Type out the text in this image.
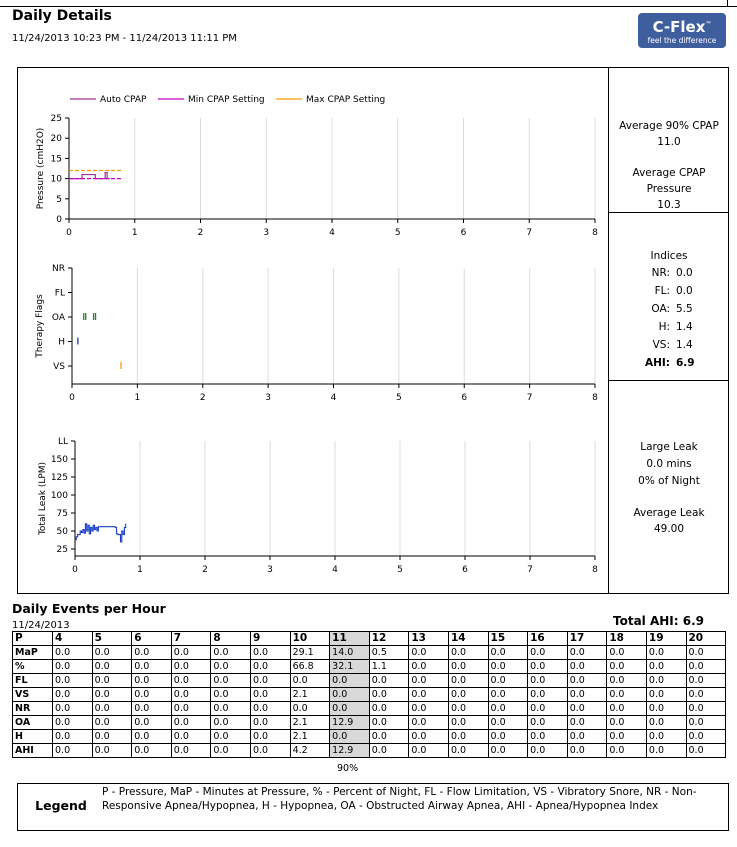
Daily Details
11/24/2013 10:23 PM - 11/24/2013 11:11 PM
C-Flex™
feel the difference
0	1	2	3	4	5	6	7	8
Pressure (cmH2O)
0
5
10
15
20
25
Auto CPAP	Min CPAP Setting	Max CPAP Setting
0	1	2	3	4	5	6	7	8
Therapy Flags
NR
FL
OA
H
VS
0	1	2	3	4	5	6	7	8
Total Leak (LPM)
25
50
75
100
125
150
LL
Average 90% CPAP
11.0
Average CPAP Pressure
10.3
Indices
NR: 0.0
FL: 0.0
OA: 5.5
H: 1.4
VS: 1.4
AHI: 6.9
Large Leak
0.0 mins
0% of Night
Average Leak
49.00
Daily Events per Hour
11/24/2013	Total AHI: 6.9
P	4	5	6	7	8	9	10	11	12	13	14	15	16	17	18	19	20
MaP	0.0	0.0	0.0	0.0	0.0	0.0	29.1	14.0	0.5	0.0	0.0	0.0	0.0	0.0	0.0	0.0	0.0
%	0.0	0.0	0.0	0.0	0.0	0.0	66.8	32.1	1.1	0.0	0.0	0.0	0.0	0.0	0.0	0.0	0.0
FL	0.0	0.0	0.0	0.0	0.0	0.0	0.0	0.0	0.0	0.0	0.0	0.0	0.0	0.0	0.0	0.0	0.0
VS	0.0	0.0	0.0	0.0	0.0	0.0	2.1	0.0	0.0	0.0	0.0	0.0	0.0	0.0	0.0	0.0	0.0
NR	0.0	0.0	0.0	0.0	0.0	0.0	0.0	0.0	0.0	0.0	0.0	0.0	0.0	0.0	0.0	0.0	0.0
OA	0.0	0.0	0.0	0.0	0.0	0.0	2.1	12.9	0.0	0.0	0.0	0.0	0.0	0.0	0.0	0.0	0.0
H	0.0	0.0	0.0	0.0	0.0	0.0	2.1	0.0	0.0	0.0	0.0	0.0	0.0	0.0	0.0	0.0	0.0
AHI	0.0	0.0	0.0	0.0	0.0	0.0	4.2	12.9	0.0	0.0	0.0	0.0	0.0	0.0	0.0	0.0	0.0
90%
Legend
P - Pressure, MaP - Minutes at Pressure, % - Percent of Night, FL - Flow Limitation, VS - Vibratory Snore, NR - Non-Responsive Apnea/Hypopnea, H - Hypopnea, OA - Obstructed Airway Apnea, AHI - Apnea/Hypopnea Index
